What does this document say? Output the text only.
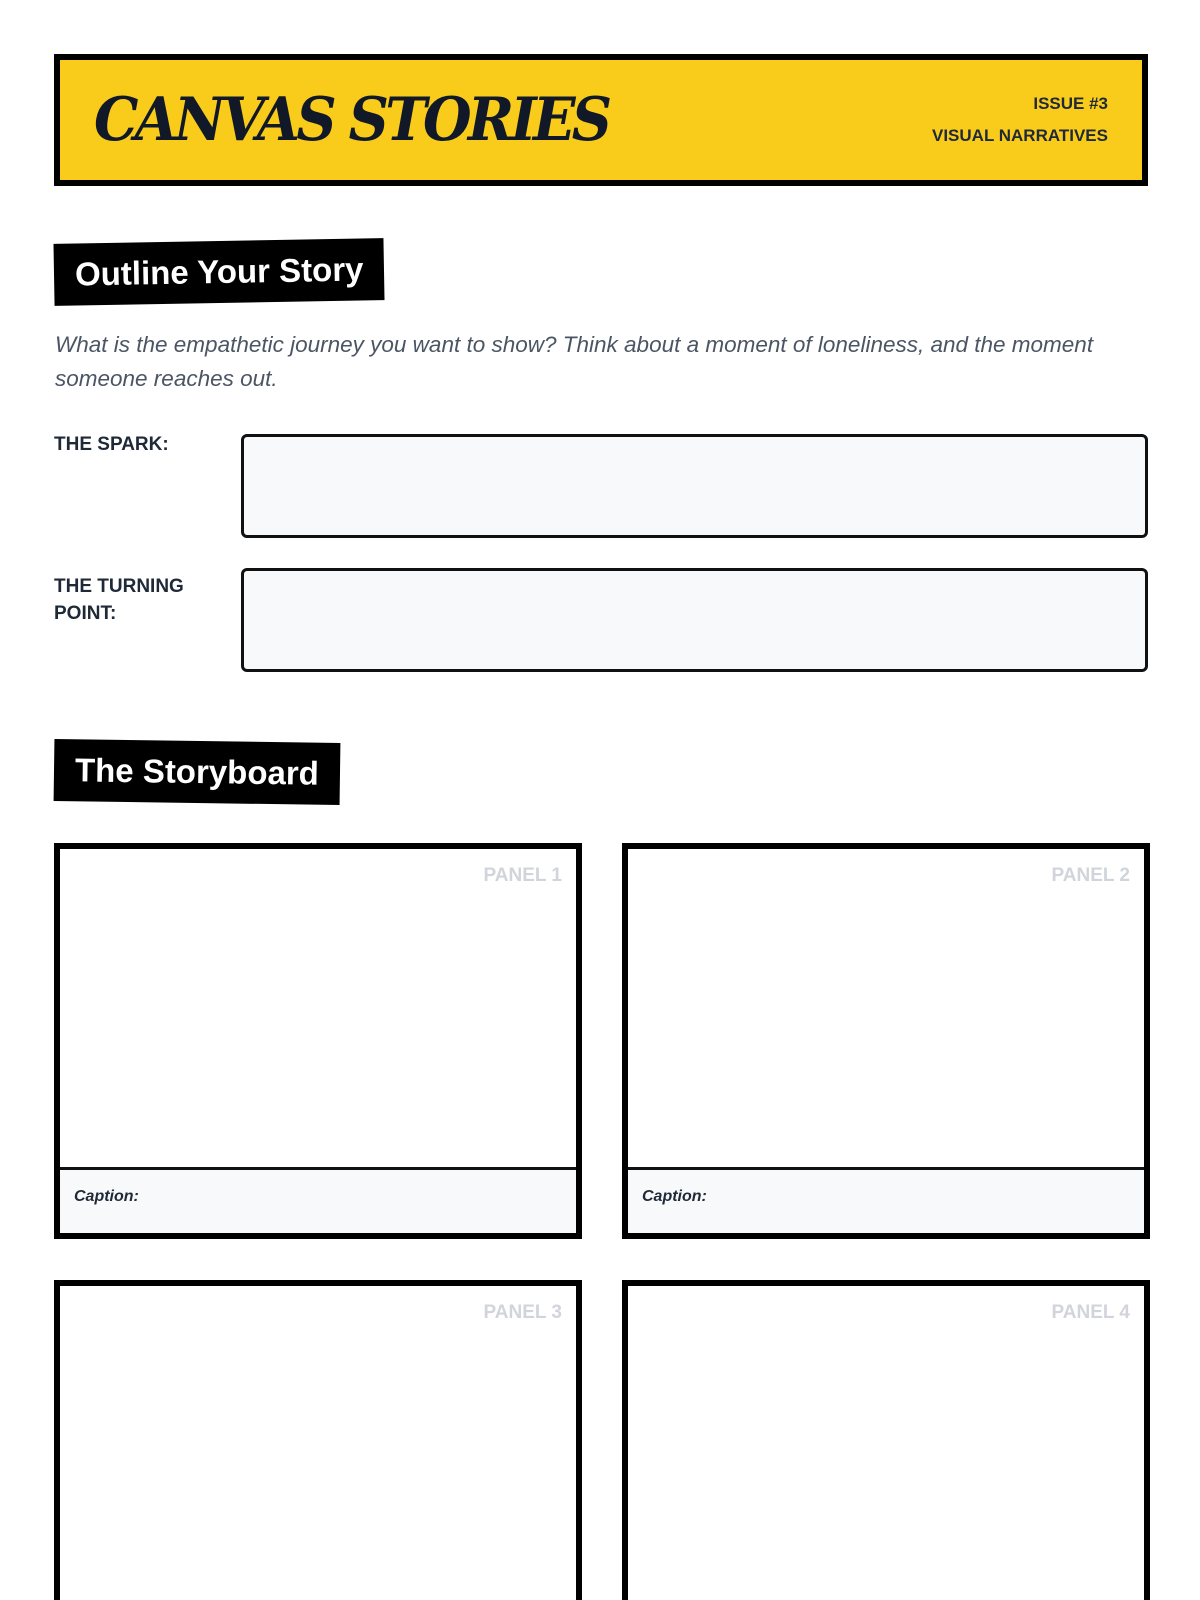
CANVAS STORIES	ISSUE #3
VISUAL NARRATIVES
Outline Your Story

What is the empathetic journey you want to show? Think about a moment of loneliness, and the moment someone reaches out.

THE SPARK:
THE TURNING POINT:
The Storyboard
PANEL 1
Caption:
PANEL 2
Caption:
PANEL 3	PANEL 4
